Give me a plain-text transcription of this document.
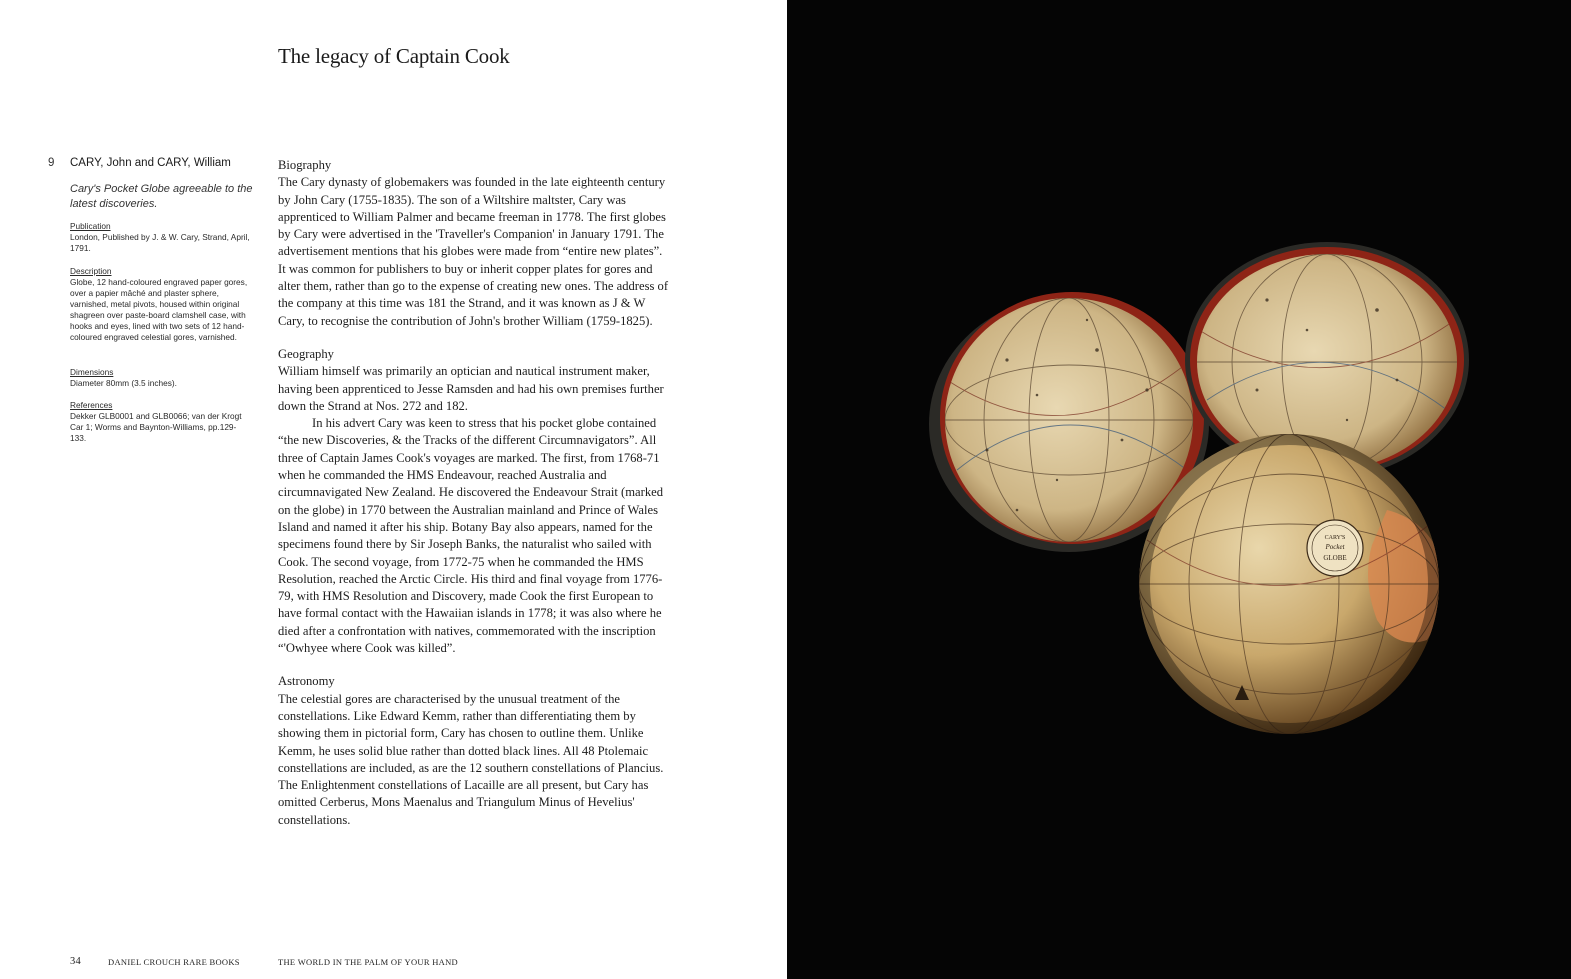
The legacy of Captain Cook
9 CARY, John and CARY, William
Cary's Pocket Globe agreeable to the latest discoveries.
Publication
London, Published by J. & W. Cary, Strand, April, 1791.
Description
Globe, 12 hand-coloured engraved paper gores, over a papier mâché and plaster sphere, varnished, metal pivots, housed within original shagreen over paste-board clamshell case, with hooks and eyes, lined with two sets of 12 hand-coloured engraved celestial gores, varnished.
Dimensions
Diameter 80mm (3.5 inches).
References
Dekker GLB0001 and GLB0066; van der Krogt Car 1; Worms and Baynton-Williams, pp.129-133.
Biography

The Cary dynasty of globemakers was founded in the late eighteenth century by John Cary (1755-1835). The son of a Wiltshire maltster, Cary was apprenticed to William Palmer and became freeman in 1778. The first globes by Cary were advertised in the 'Traveller's Companion' in January 1791. The advertisement mentions that his globes were made from “entire new plates”. It was common for publishers to buy or inherit copper plates for gores and alter them, rather than go to the expense of creating new ones. The address of the company at this time was 181 the Strand, and it was known as J & W Cary, to recognise the contribution of John's brother William (1759-1825).

Geography

William himself was primarily an optician and nautical instrument maker, having been apprenticed to Jesse Ramsden and had his own premises further down the Strand at Nos. 272 and 182.

In his advert Cary was keen to stress that his pocket globe contained “the new Discoveries, & the Tracks of the different Circumnavigators”. All three of Captain James Cook's voyages are marked. The first, from 1768-71 when he commanded the HMS Endeavour, reached Australia and circumnavigated New Zealand. He discovered the Endeavour Strait (marked on the globe) in 1770 between the Australian mainland and Prince of Wales Island and named it after his ship. Botany Bay also appears, named for the specimens found there by Sir Joseph Banks, the naturalist who sailed with Cook. The second voyage, from 1772-75 when he commanded the HMS Resolution, reached the Arctic Circle. His third and final voyage from 1776-79, with HMS Resolution and Discovery, made Cook the first European to have formal contact with the Hawaiian islands in 1778; it was also where he died after a confrontation with natives, commemorated with the inscription “'Owhyee where Cook was killed”.

Astronomy

The celestial gores are characterised by the unusual treatment of the constellations. Like Edward Kemm, rather than differentiating them by showing them in pictorial form, Cary has chosen to outline them. Unlike Kemm, he uses solid blue rather than dotted black lines. All 48 Ptolemaic constellations are included, as are the 12 southern constellations of Plancius. The Enlightenment constellations of Lacaille are all present, but Cary has omitted Cerberus, Mons Maenalus and Triangulum Minus of Hevelius' constellations.

34	DANIEL CROUCH RARE BOOKS	THE WORLD IN THE PALM OF YOUR HAND
CARY'S
Pocket
GLOBE
